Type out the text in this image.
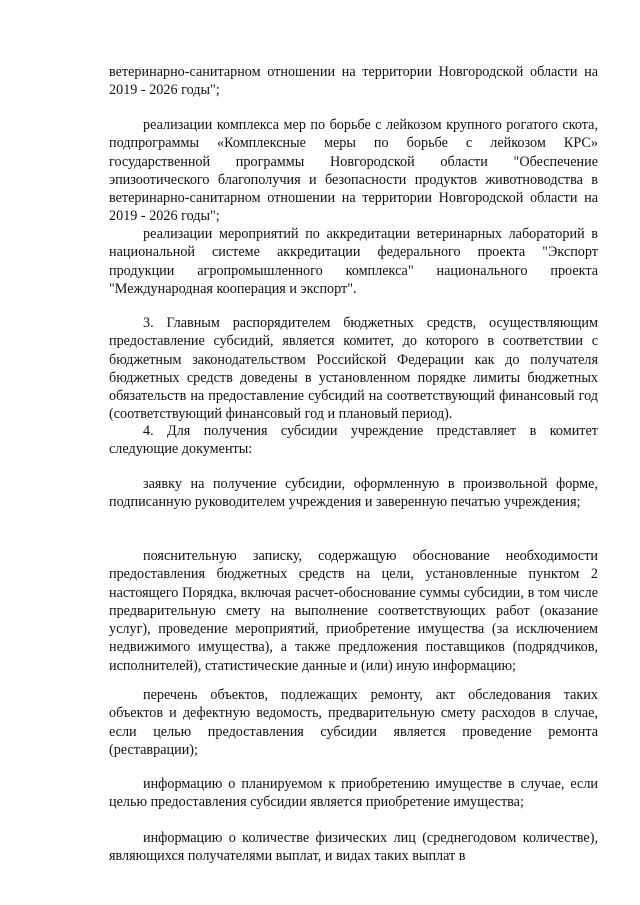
ветеринарно-санитарном отношении на территории Новгородской области на 2019 - 2026 годы";

реализации комплекса мер по борьбе с лейкозом крупного рогатого скота, подпрограммы «Комплексные меры по борьбе с лейкозом КРС» государственной программы Новгородской области "Обеспечение эпизоотического благополучия и безопасности продуктов животноводства в ветеринарно-санитарном отношении на территории Новгородской области на 2019 - 2026 годы";

реализации мероприятий по аккредитации ветеринарных лабораторий в национальной системе аккредитации федерального проекта "Экспорт продукции агропромышленного комплекса" национального проекта "Международная кооперация и экспорт".

3. Главным распорядителем бюджетных средств, осуществляющим предоставление субсидий, является комитет, до которого в соответствии с бюджетным законодательством Российской Федерации как до получателя бюджетных средств доведены в установленном порядке лимиты бюджетных обязательств на предоставление субсидий на соответствующий финансовый год (соответствующий финансовый год и плановый период).

4. Для получения субсидии учреждение представляет в комитет следующие документы:

заявку на получение субсидии, оформленную в произвольной форме, подписанную руководителем учреждения и заверенную печатью учреждения;

пояснительную записку, содержащую обоснование необходимости предоставления бюджетных средств на цели, установленные пунктом 2 настоящего Порядка, включая расчет-обоснование суммы субсидии, в том числе предварительную смету на выполнение соответствующих работ (оказание услуг), проведение мероприятий, приобретение имущества (за исключением недвижимого имущества), а также предложения поставщиков (подрядчиков, исполнителей), статистические данные и (или) иную информацию;

перечень объектов, подлежащих ремонту, акт обследования таких объектов и дефектную ведомость, предварительную смету расходов в случае, если целью предоставления субсидии является проведение ремонта (реставрации);

информацию о планируемом к приобретению имуществе в случае, если целью предоставления субсидии является приобретение имущества;

информацию о количестве физических лиц (среднегодовом количестве), являющихся получателями выплат, и видах таких выплат в
